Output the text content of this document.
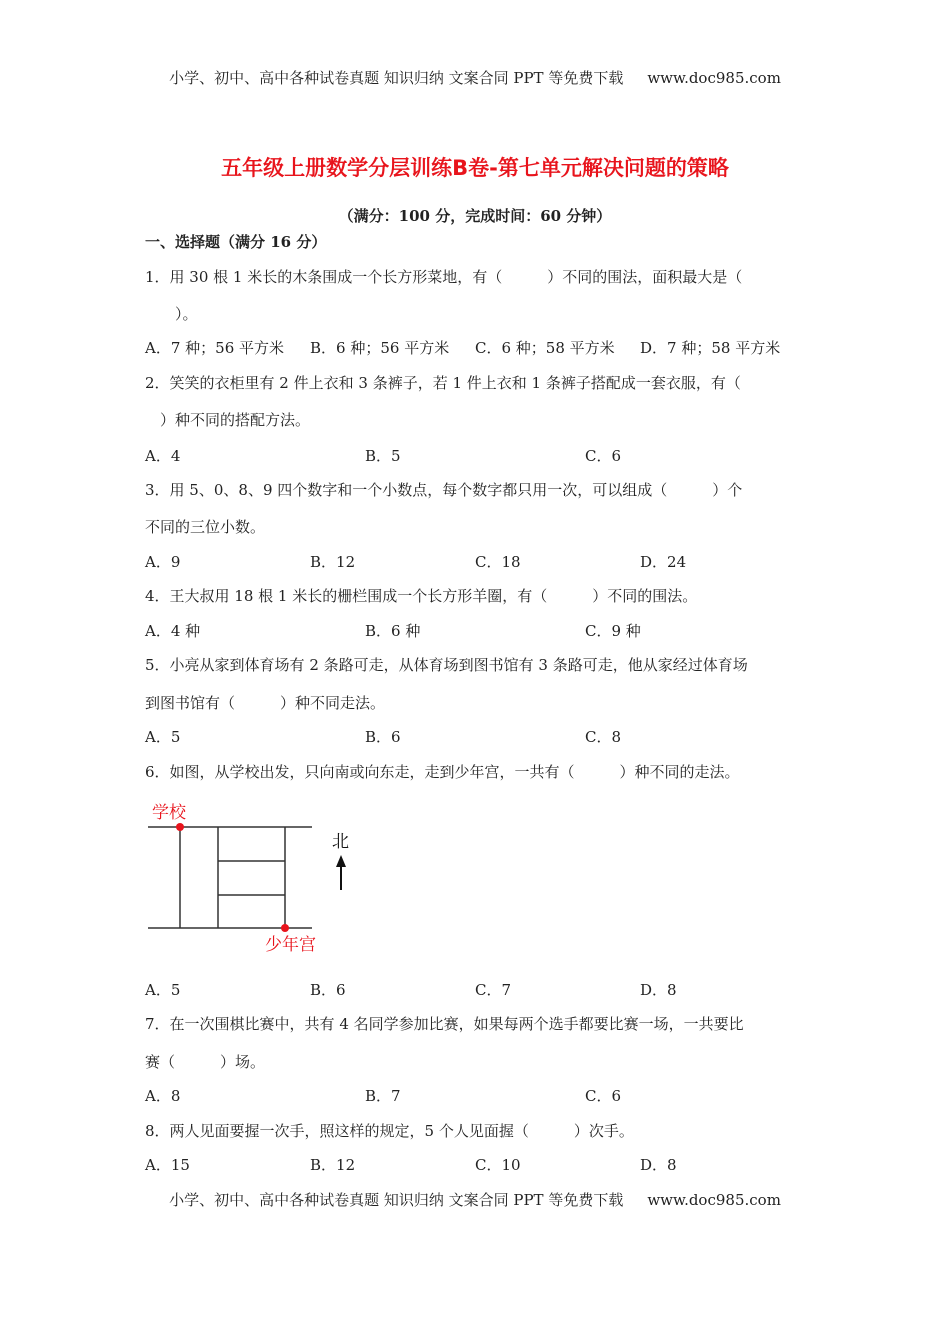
小学、初中、高中各种试卷真题 知识归纳 文案合同 PPT 等免费下载 www.doc985.com
五年级上册数学分层训练B卷-第七单元解决问题的策略
（满分：100 分，完成时间：60 分钟）
一、选择题（满分 16 分）
1．用 30 根 1 米长的木条围成一个长方形菜地，有（　　　）不同的围法，面积最大是（
　　）。
A．7 种；56 平方米 B．6 种；56 平方米 C．6 种；58 平方米 D．7 种；58 平方米
2．笑笑的衣柜里有 2 件上衣和 3 条裤子，若 1 件上衣和 1 条裤子搭配成一套衣服，有（
　）种不同的搭配方法。
A．4	B．5	C．6
3．用 5、0、8、9 四个数字和一个小数点，每个数字都只用一次，可以组成（　　　）个
不同的三位小数。
A．9	B．12	C．18	D．24
4．王大叔用 18 根 1 米长的栅栏围成一个长方形羊圈，有（　　　）不同的围法。
A．4 种	B．6 种	C．9 种
5．小亮从家到体育场有 2 条路可走，从体育场到图书馆有 3 条路可走，他从家经过体育场
到图书馆有（　　　）种不同走法。
A．5	B．6	C．8
6．如图，从学校出发，只向南或向东走，走到少年宫，一共有（　　　）种不同的走法。
A．5	B．6	C．7	D．8
7．在一次围棋比赛中，共有 4 名同学参加比赛，如果每两个选手都要比赛一场，一共要比
赛（　　　）场。
A．8	B．7	C．6
8．两人见面要握一次手，照这样的规定，5 个人见面握（　　　）次手。
A．15	B．12	C．10	D．8
学校
少年宫
北
小学、初中、高中各种试卷真题 知识归纳 文案合同 PPT 等免费下载 www.doc985.com
